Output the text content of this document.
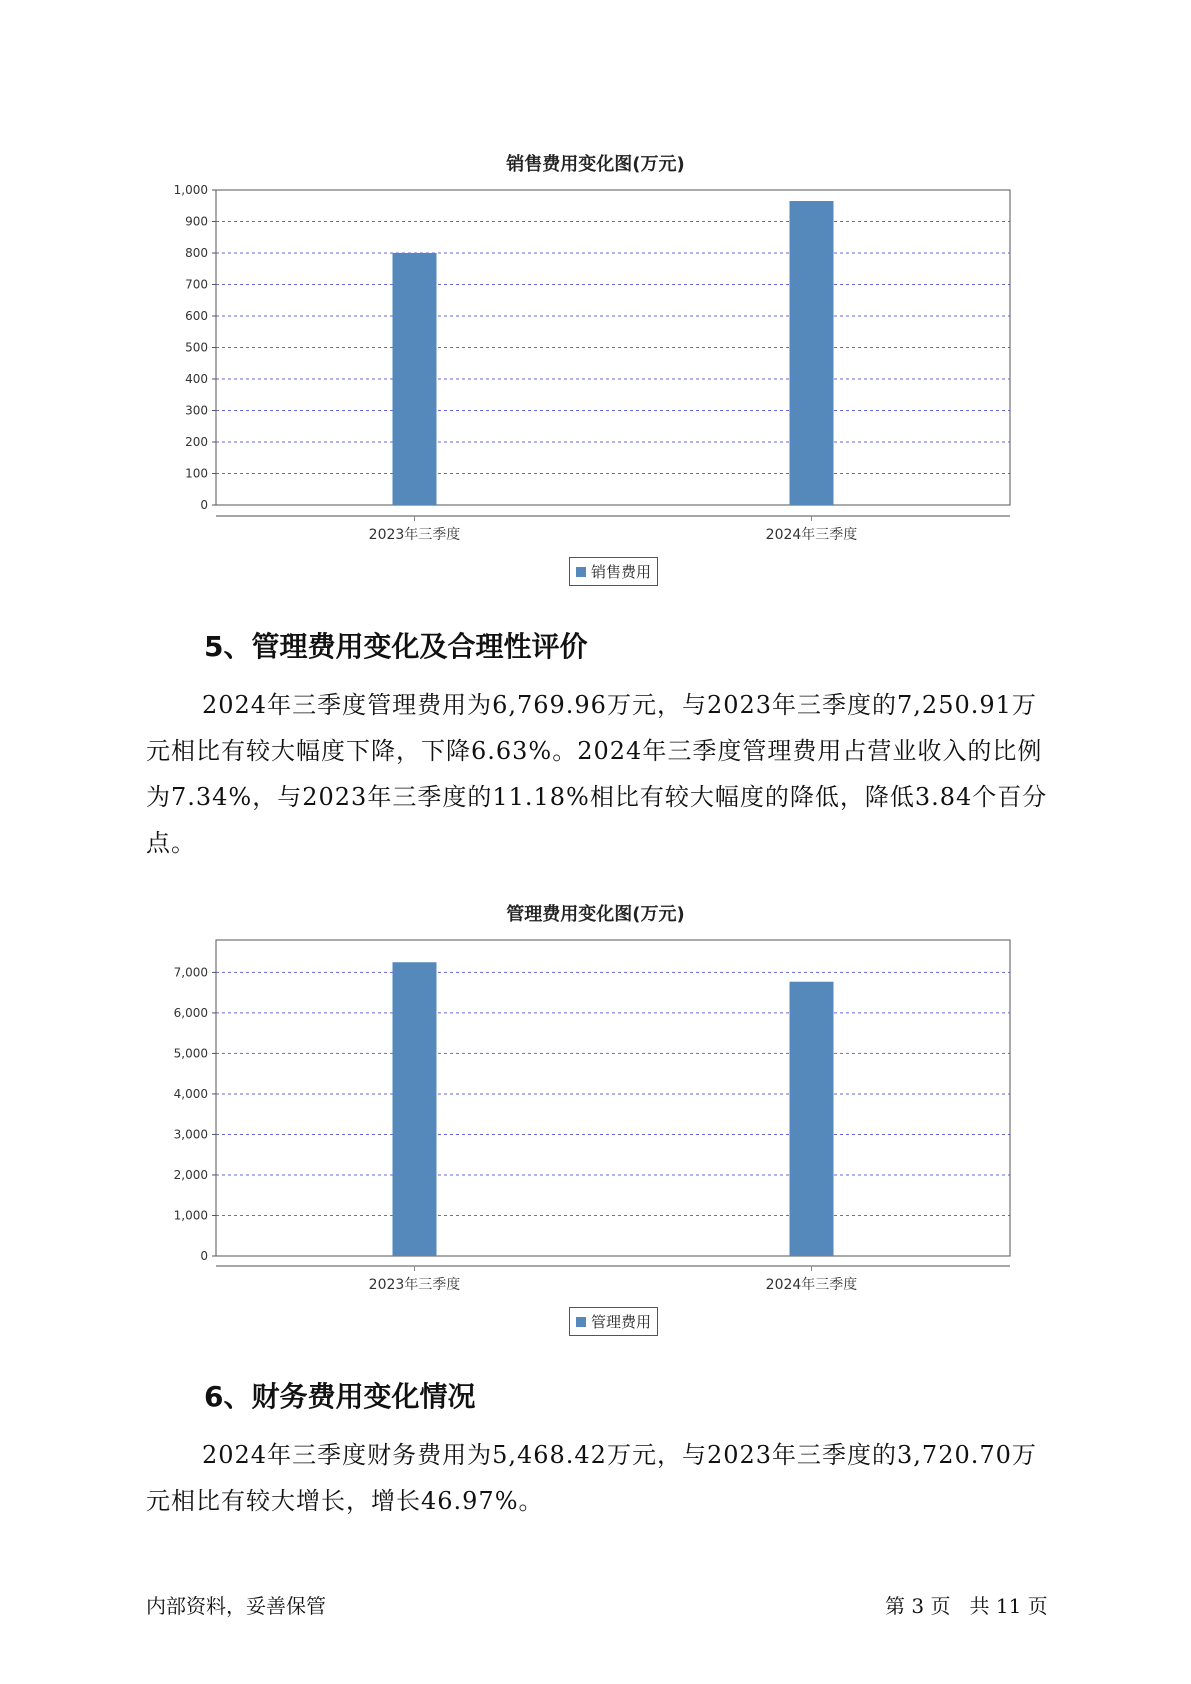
销售费用变化图(万元)
0
100
200
300
400
500
600
700
800
900
1,000
2023年三季度	2024年三季度
销售费用
5、管理费用变化及合理性评价

2024年三季度管理费用为6,769.96万元，与2023年三季度的7,250.91万元相比有较大幅度下降，下降6.63%。2024年三季度管理费用占营业收入的比例为7.34%，与2023年三季度的11.18%相比有较大幅度的降低，降低3.84个百分点。

管理费用变化图(万元)
0
1,000
2,000
3,000
4,000
5,000
6,000
7,000
2023年三季度	2024年三季度
管理费用
6、财务费用变化情况

2024年三季度财务费用为5,468.42万元，与2023年三季度的3,720.70万元相比有较大增长，增长46.97%。

内部资料，妥善保管	第 3 页   共 11 页
